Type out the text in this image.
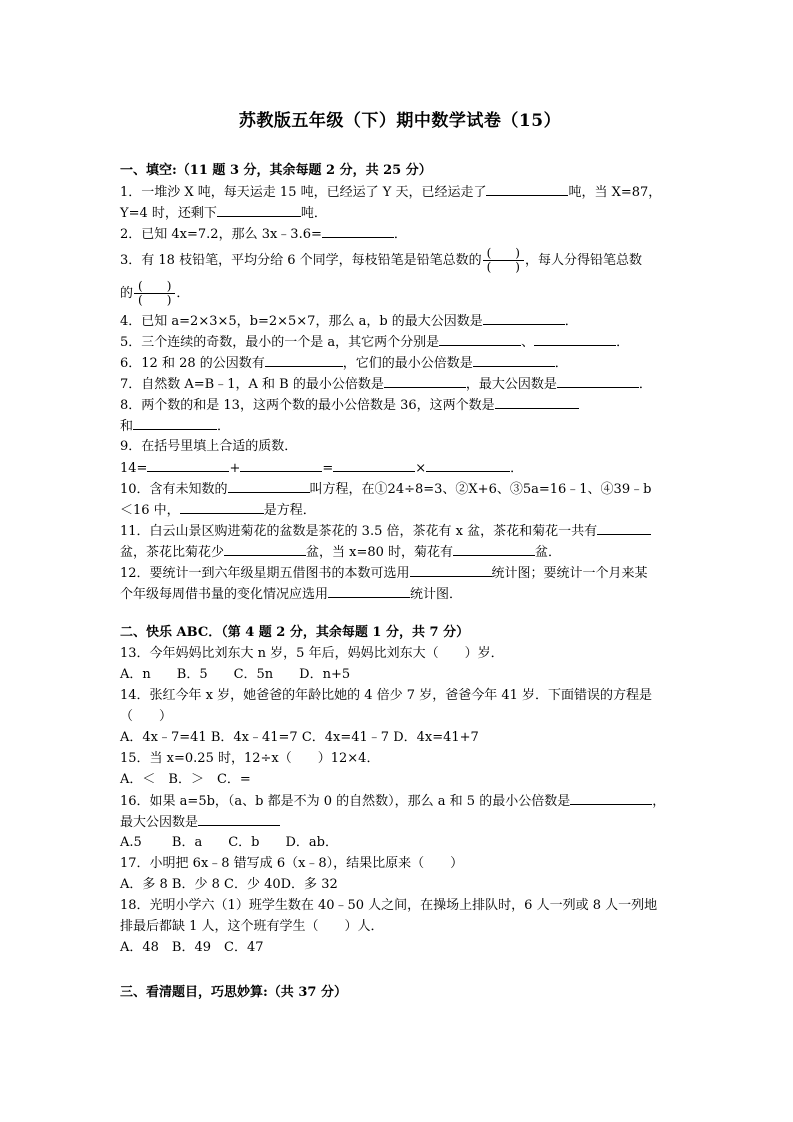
苏教版五年级（下）期中数学试卷（15）
一、填空:（11 题 3 分，其余每题 2 分，共 25 分）
1．一堆沙 X 吨，每天运走 15 吨，已经运了 Y 天，已经运走了	吨，当 X=87，
Y=4 时，还剩下	吨．
2．已知 4x=7.2，那么 3x﹣3.6=	．
3．有 18 枝铅笔，平均分给 6 个同学，每枝铅笔是铅笔总数的 $\frac{( )}{( )}$ ，每人分得铅笔总数
的 $\frac{( )}{( )}$ ．
4．已知 a=2×3×5，b=2×5×7，那么 a，b 的最大公因数是	．
5．三个连续的奇数，最小的一个是 a，其它两个分别是	、	．
6．12 和 28 的公因数有	，它们的最小公倍数是	．
7．自然数 A=B﹣1，A 和 B 的最小公倍数是	，最大公因数是	．
8．两个数的和是 13，这两个数的最小公倍数是 36，这两个数是
和	．
9．在括号里填上合适的质数．
14=	+	=	×	．
10．含有未知数的	叫方程，在①24÷8=3、②X+6、③5a=16﹣1、④39﹣b
＜16 中，	是方程．
11．白云山景区购进菊花的盆数是茶花的 3.5 倍，茶花有 x 盆，茶花和菊花一共有
盆，茶花比菊花少	盆，当 x=80 时，菊花有	盆．
12．要统计一到六年级星期五借图书的本数可选用	统计图；要统计一个月来某
个年级每周借书量的变化情况应选用	统计图．
二、快乐 ABC．（第 4 题 2 分，其余每题 1 分，共 7 分）
13．今年妈妈比刘东大 n 岁，5 年后，妈妈比刘东大（　　）岁．
A．n　　B．5　　C．5n　　D．n+5
14．张红今年 x 岁，她爸爸的年龄比她的 4 倍少 7 岁，爸爸今年 41 岁．下面错误的方程是
（　　）
A．4x﹣7=41 B．4x﹣41=7 C．4x=41﹣7 D．4x=41+7
15．当 x=0.25 时，12÷x（　　）12×4．
A．＜　B．＞　C．=
16．如果 a=5b，（a、b 都是不为 0 的自然数），那么 a 和 5 的最小公倍数是	，
最大公因数是
A.5　　 B．a　　C．b　　D．ab．
17．小明把 6x﹣8 错写成 6（x﹣8），结果比原来（　　）
A．多 8 B．少 8 C．少 40D．多 32
18．光明小学六（1）班学生数在 40﹣50 人之间，在操场上排队时，6 人一列或 8 人一列地
排最后都缺 1 人，这个班有学生（　　）人．
A．48　B．49　C．47
三、看清题目，巧思妙算:（共 37 分）
